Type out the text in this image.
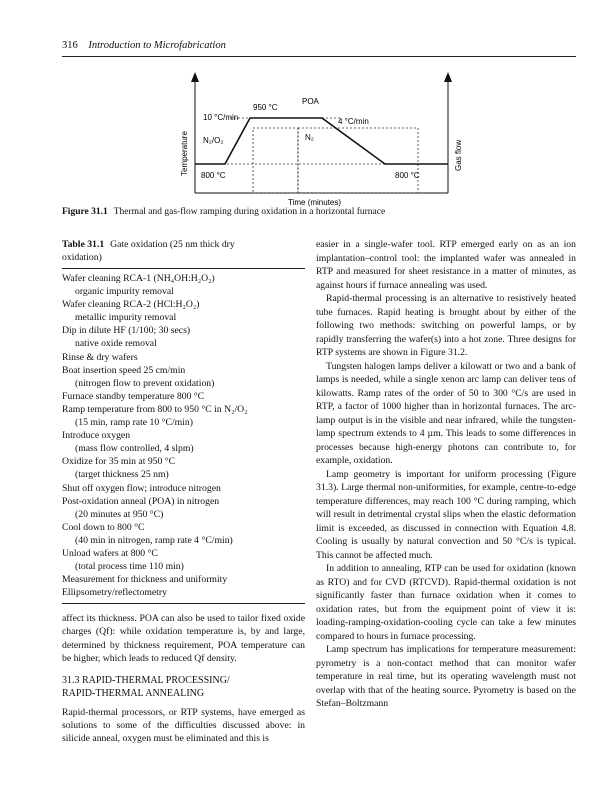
316 Introduction to Microfabrication
POA
950 °C
10 °C/min	4 °C/min
N₂/O₂	N₂
800 °C	800 °C
Time (minutes)
Temperature	Gas flow
Figure 31.1 Thermal and gas-flow ramping during oxidation in a horizontal furnace
Table 31.1 Gate oxidation (25 nm thick dry
oxidation)
Wafer cleaning RCA-1 (NH₄OH:H₂O₂)
organic impurity removal
Wafer cleaning RCA-2 (HCl:H₂O₂)
metallic impurity removal
Dip in dilute HF (1/100; 30 secs)
native oxide removal
Rinse & dry wafers
Boat insertion speed 25 cm/min
(nitrogen flow to prevent oxidation)
Furnace standby temperature 800 °C
Ramp temperature from 800 to 950 °C in N₂/O₂
(15 min, ramp rate 10 °C/min)
Introduce oxygen
(mass flow controlled, 4 slpm)
Oxidize for 35 min at 950 °C
(target thickness 25 nm)
Shut off oxygen flow; introduce nitrogen
Post-oxidation anneal (POA) in nitrogen
(20 minutes at 950 °C)
Cool down to 800 °C
(40 min in nitrogen, ramp rate 4 °C/min)
Unload wafers at 800 °C
(total process time 110 min)
Measurement for thickness and uniformity
Ellipsometry/reflectometry

affect its thickness. POA can also be used to tailor fixed oxide charges (Qf): while oxidation temperature is, by and large, determined by thickness requirement, POA temperature can be higher, which leads to reduced Qf density.

31.3 RAPID-THERMAL PROCESSING/
RAPID-THERMAL ANNEALING

Rapid-thermal processors, or RTP systems, have emerged as solutions to some of the difficulties discussed above: in silicide anneal, oxygen must be eliminated and this is

easier in a single-wafer tool. RTP emerged early on as an ion implantation–control tool: the implanted wafer was annealed in RTP and measured for sheet resistance in a matter of minutes, as against hours if furnace annealing was used.

Rapid-thermal processing is an alternative to resistively heated tube furnaces. Rapid heating is brought about by either of the following two methods: switching on powerful lamps, or by rapidly transferring the wafer(s) into a hot zone. Three designs for RTP systems are shown in Figure 31.2.

Tungsten halogen lamps deliver a kilowatt or two and a bank of lamps is needed, while a single xenon arc lamp can deliver tens of kilowatts. Ramp rates of the order of 50 to 300 °C/s are used in RTP, a factor of 1000 higher than in horizontal furnaces. The arc-lamp output is in the visible and near infrared, while the tungsten-lamp spectrum extends to 4 µm. This leads to some differences in processes because high-energy photons can contribute to, for example, oxidation.

Lamp geometry is important for uniform processing (Figure 31.3). Large thermal non-uniformities, for example, centre-to-edge temperature differences, may reach 100 °C during ramping, which will result in detrimental crystal slips when the elastic deformation limit is exceeded, as discussed in connection with Equation 4.8. Cooling is usually by natural convection and 50 °C/s is typical. This cannot be affected much.

In addition to annealing, RTP can be used for oxidation (known as RTO) and for CVD (RTCVD). Rapid-thermal oxidation is not significantly faster than furnace oxidation when it comes to oxidation rates, but from the equipment point of view it is: loading-ramping-oxidation-cooling cycle can take a few minutes compared to hours in furnace processing.

Lamp spectrum has implications for temperature measurement: pyrometry is a non-contact method that can monitor wafer temperature in real time, but its operating wavelength must not overlap with that of the heating source. Pyrometry is based on the Stefan–Boltzmann
